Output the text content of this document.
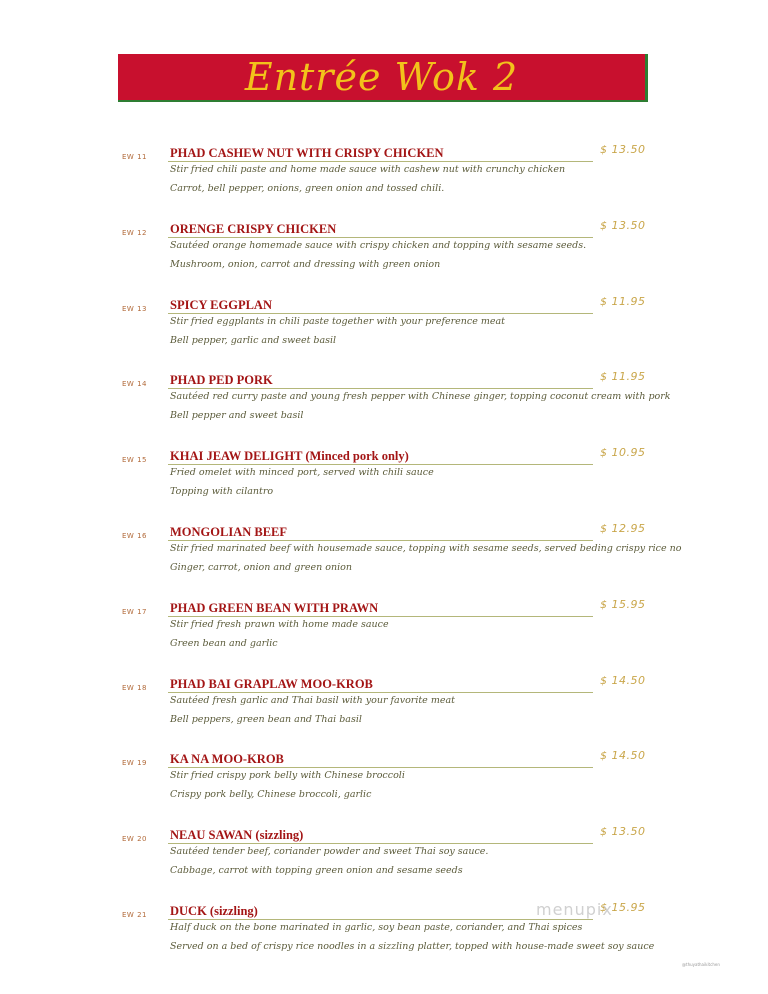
Entrée Wok 2
EW 11 PHAD CASHEW NUT WITH CRISPY CHICKEN	$ 13.50
Stir fried chili paste and home made sauce with cashew nut with crunchy chicken
Carrot, bell pepper, onions, green onion and tossed chili.
EW 12 ORENGE CRISPY CHICKEN	$ 13.50
Sautéed orange homemade sauce with crispy chicken and topping with sesame seeds.
Mushroom, onion, carrot and dressing with green onion
EW 13 SPICY EGGPLAN	$ 11.95
Stir fried eggplants in chili paste together with your preference meat
Bell pepper, garlic and sweet basil
EW 14 PHAD PED PORK	$ 11.95
Sautéed red curry paste and young fresh pepper with Chinese ginger, topping coconut cream with pork
Bell pepper and sweet basil
EW 15 KHAI JEAW DELIGHT (Minced pork only)	$ 10.95
Fried omelet with minced port, served with chili sauce
Topping with cilantro
EW 16 MONGOLIAN BEEF	$ 12.95
Stir fried marinated beef with housemade sauce, topping with sesame seeds, served beding crispy rice no
Ginger, carrot, onion and green onion
EW 17 PHAD GREEN BEAN WITH PRAWN	$ 15.95
Stir fried fresh prawn with home made sauce
Green bean and garlic
EW 18 PHAD BAI GRAPLAW MOO-KROB	$ 14.50
Sautéed fresh garlic and Thai basil with your favorite meat
Bell peppers, green bean and Thai basil
EW 19 KA NA MOO-KROB	$ 14.50
Stir fried crispy pork belly with Chinese broccoli
Crispy pork belly, Chinese broccoli, garlic
EW 20 NEAU SAWAN (sizzling)	$ 13.50
Sautéed tender beef, coriander powder and sweet Thai soy sauce.
Cabbage, carrot with topping green onion and sesame seeds
EW 21 DUCK (sizzling)	$ 15.95
Half duck on the bone marinated in garlic, soy bean paste, coriander, and Thai spices
Served on a bed of crispy rice noodles in a sizzling platter, topped with house-made sweet soy sauce
menupix
@thuyathaikitchen
